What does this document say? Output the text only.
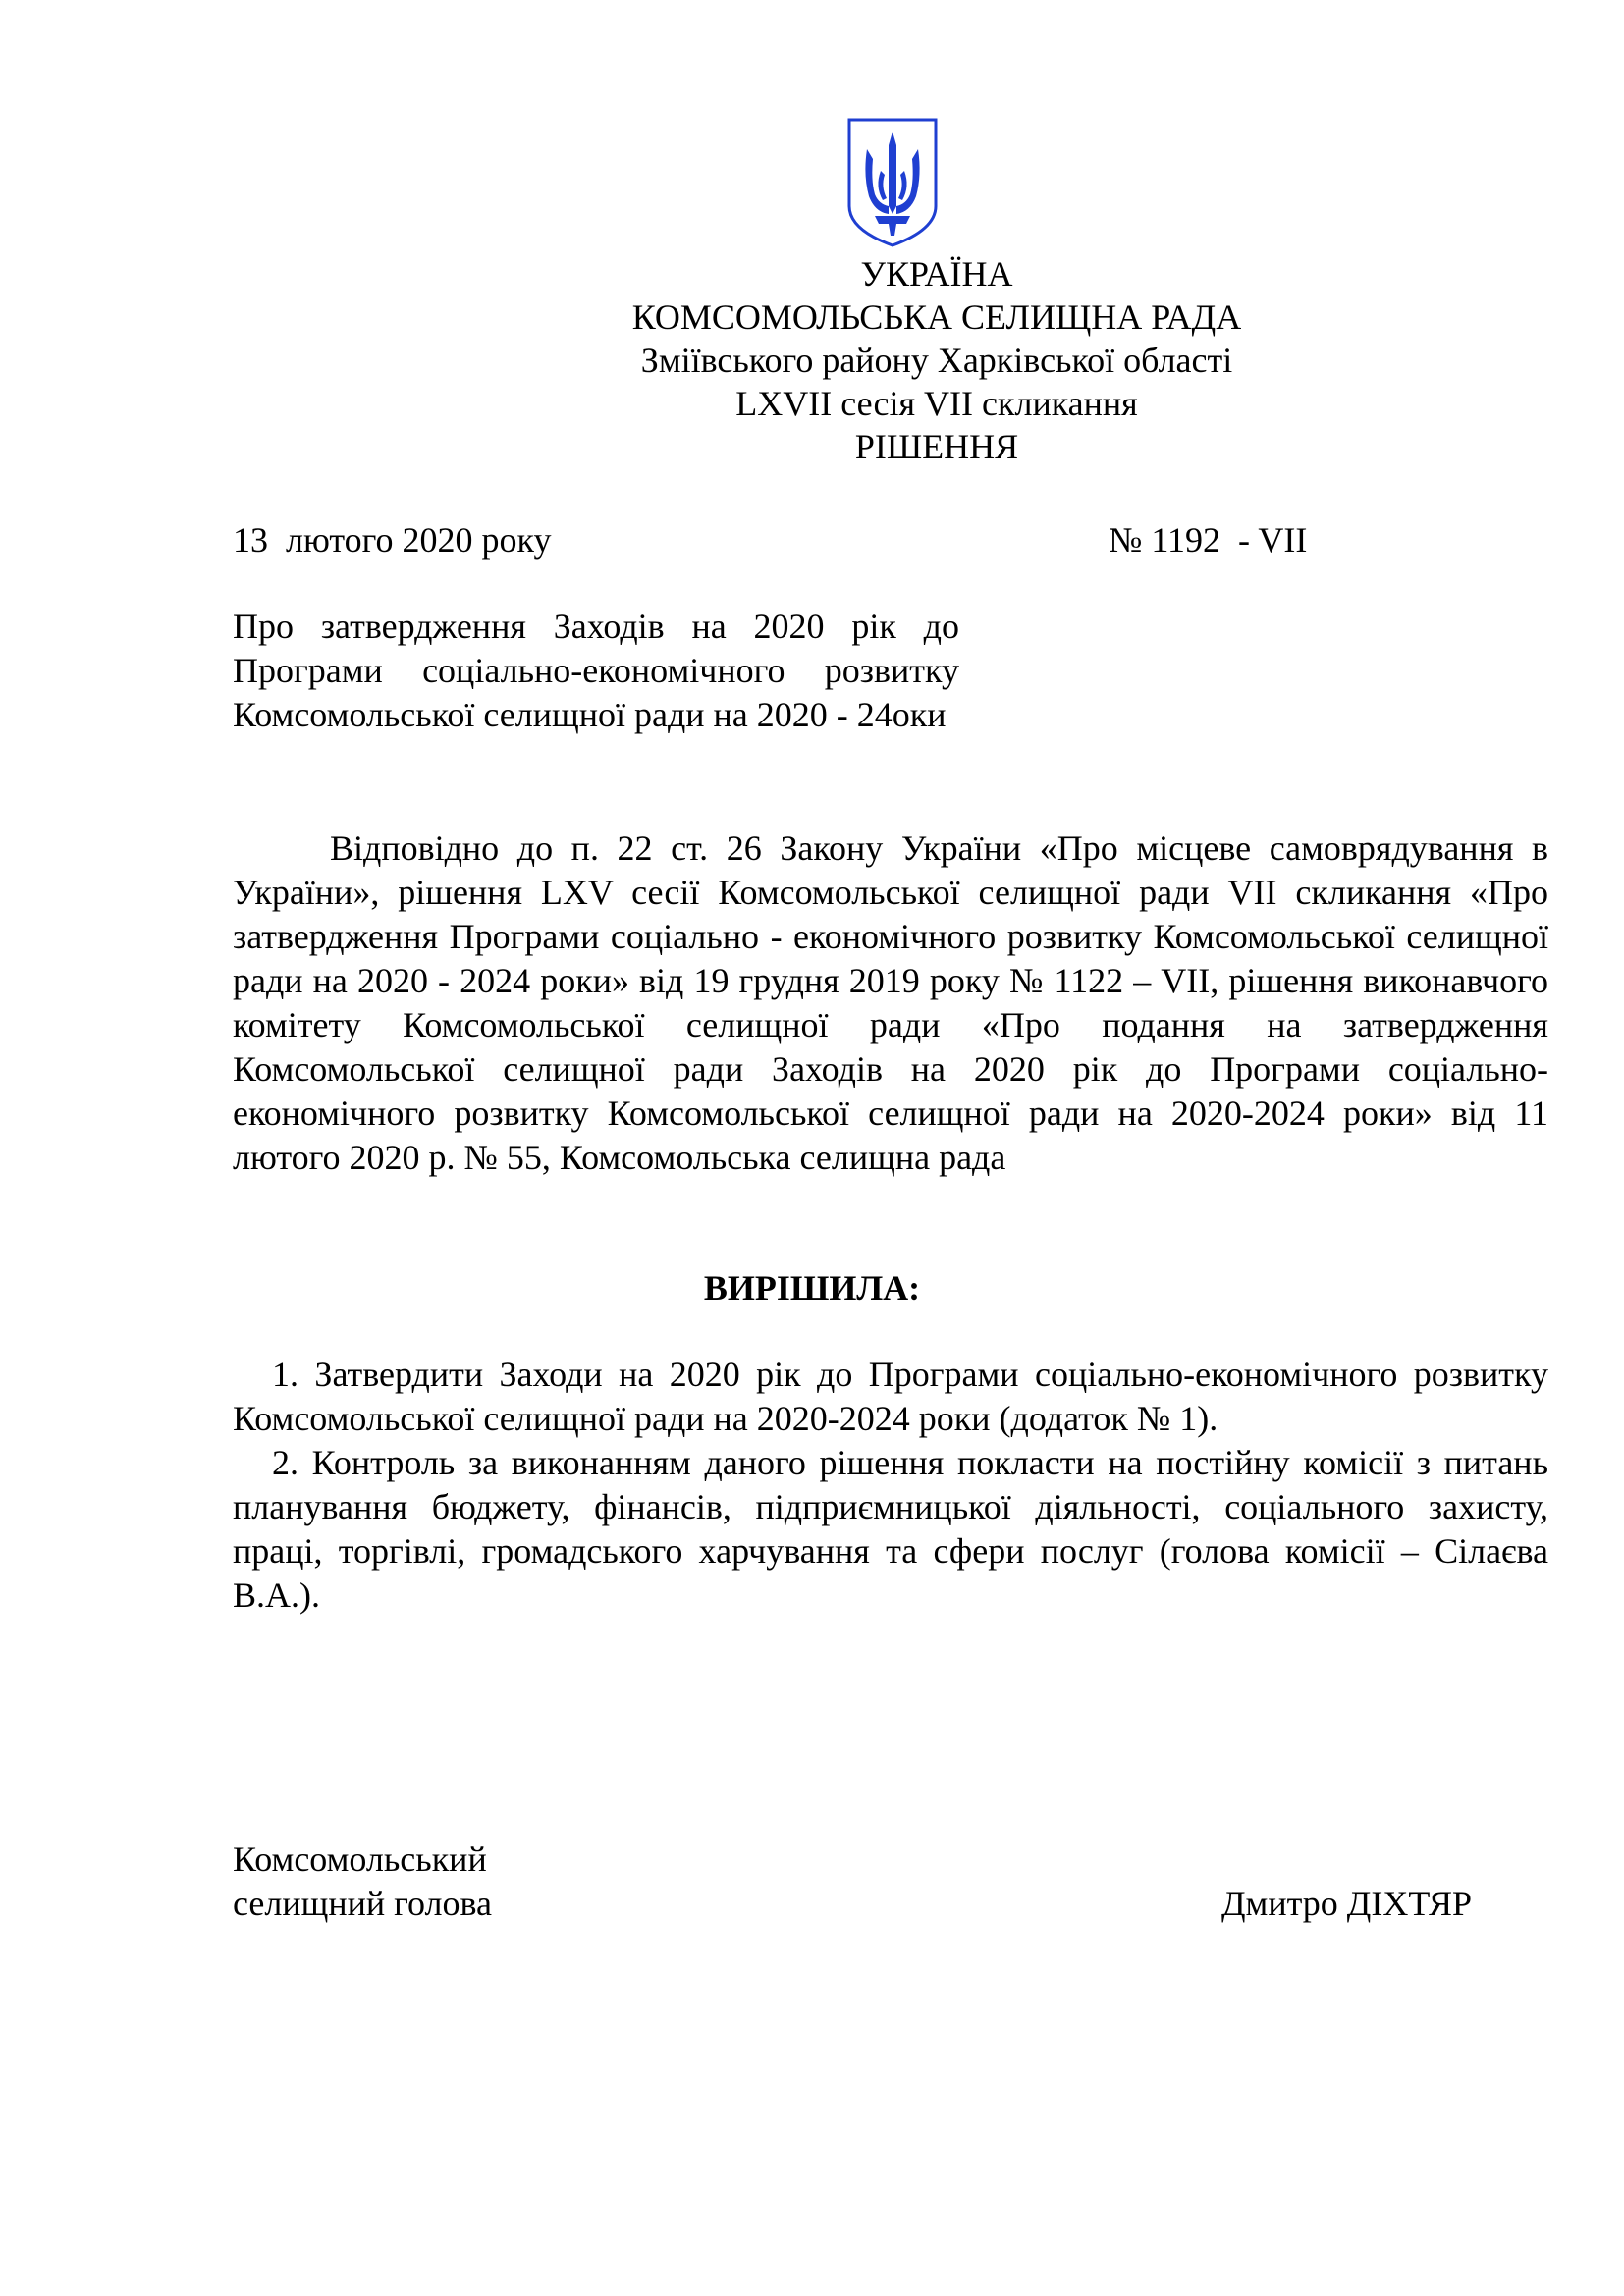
УКРАЇНА
КОМСОМОЛЬСЬКА СЕЛИЩНА РАДА
Зміївського району Харківської області
LXVII сесія VII скликання
РІШЕННЯ
13  лютого 2020 року	№ 1192  - VII
Про затвердження Заходів на 2020 рік до Програми соціально-економічного розвитку Комсомольської селищної ради на 2020 - 24оки
Відповідно до п. 22 ст. 26 Закону України «Про місцеве самоврядування в України», рішення LXV сесії Комсомольської селищної ради VII скликання «Про затвердження Програми соціально - економічного розвитку Комсомольської селищної ради на 2020 - 2024 роки» від 19 грудня 2019 року № 1122 – VII, рішення виконавчого комітету Комсомольської селищної ради «Про подання на затвердження Комсомольської селищної ради Заходів на 2020 рік до Програми соціально-економічного розвитку Комсомольської селищної ради на 2020-2024 роки» від 11 лютого 2020 р. № 55, Комсомольська селищна рада
ВИРІШИЛА:

1. Затвердити Заходи на 2020 рік до Програми соціально-економічного розвитку Комсомольської селищної ради на 2020-2024 роки (додаток № 1).

2. Контроль за виконанням даного рішення покласти на постійну комісії з питань планування бюджету, фінансів, підприємницької діяльності, соціального захисту, праці, торгівлі, громадського харчування та сфери послуг (голова комісії – Сілаєва В.А.).

Комсомольський
селищний голова	Дмитро ДІХТЯР
